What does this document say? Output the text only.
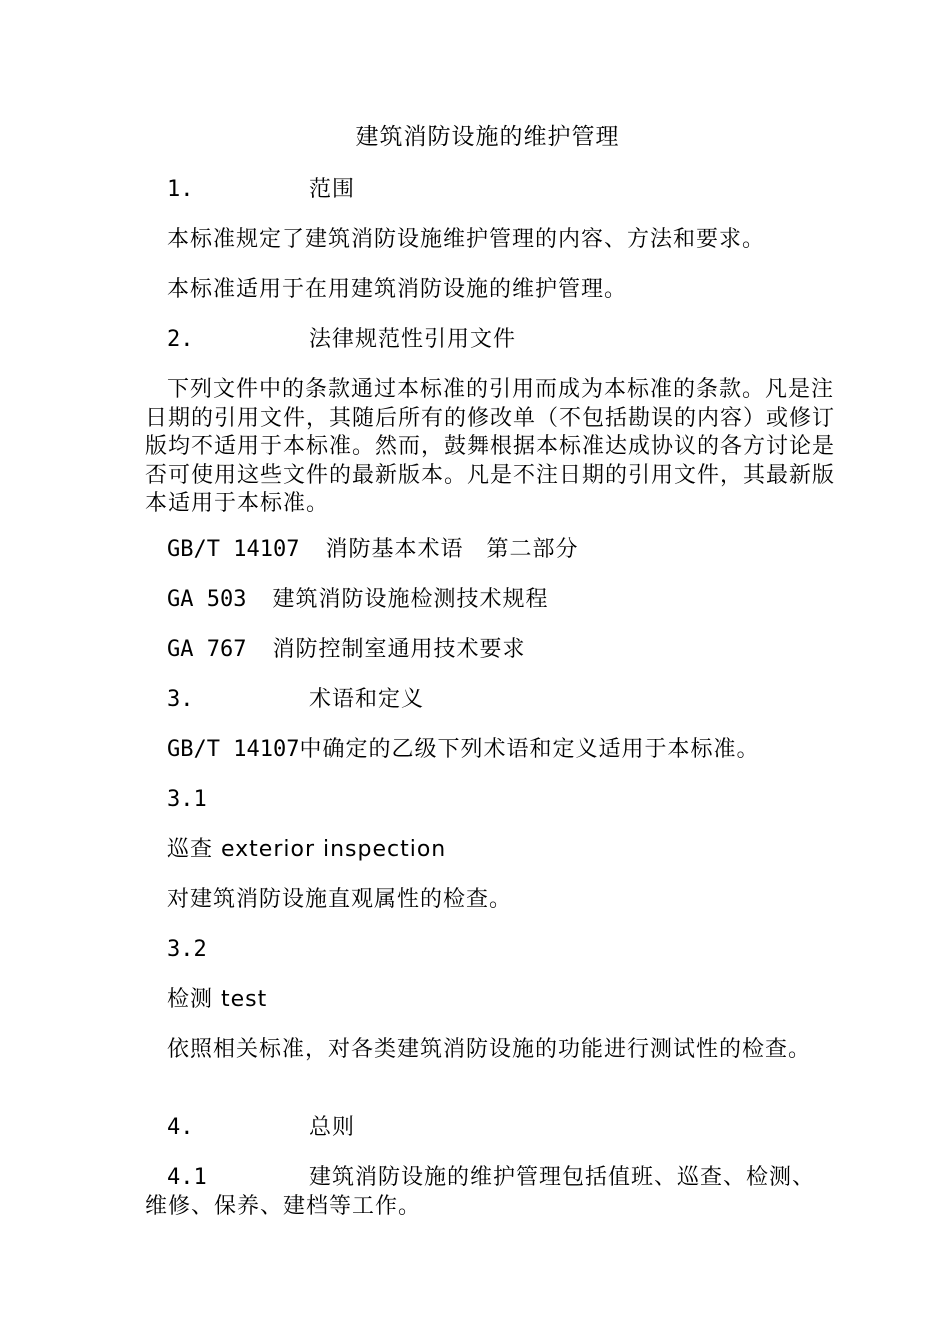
建筑消防设施的维护管理
1.	范围
本标准规定了建筑消防设施维护管理的内容、方法和要求。
本标准适用于在用建筑消防设施的维护管理。
2.	法律规范性引用文件
下列文件中的条款通过本标准的引用而成为本标准的条款。凡是注日期的引用文件，其随后所有的修改单（不包括勘误的内容）或修订版均不适用于本标准。然而，鼓舞根据本标准达成协议的各方讨论是否可使用这些文件的最新版本。凡是不注日期的引用文件，其最新版本适用于本标准。
GB/T 14107 消防基本术语　第二部分
GA 503 建筑消防设施检测技术规程
GA 767 消防控制室通用技术要求
3.	术语和定义
GB/T 14107中确定的乙级下列术语和定义适用于本标准。
3.1
巡查 exterior inspection
对建筑消防设施直观属性的检查。
3.2
检测 test
依照相关标准，对各类建筑消防设施的功能进行测试性的检查。
4.	总则
4.1	建筑消防设施的维护管理包括值班、巡查、检测、维修、保养、建档等工作。
